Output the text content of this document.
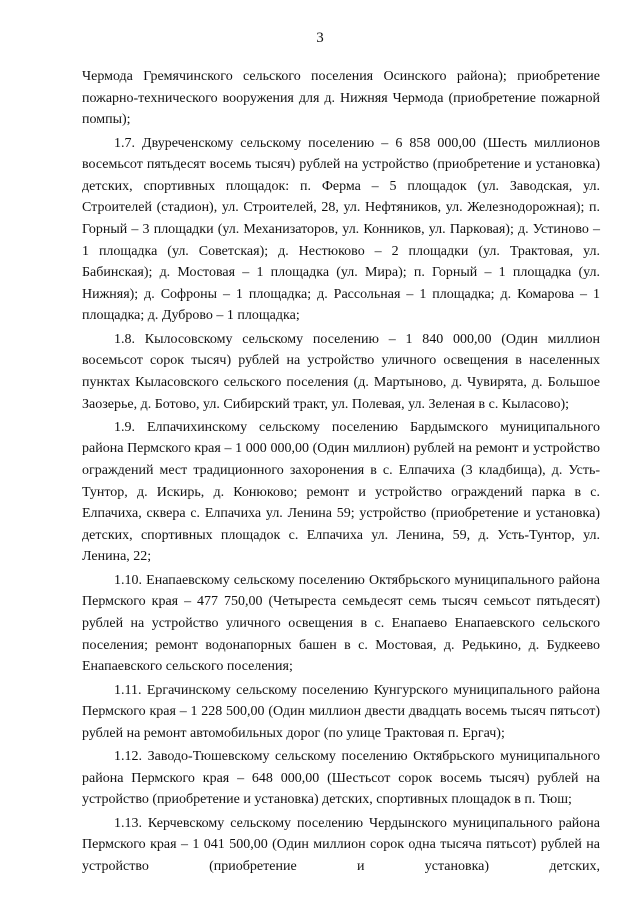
3

Чермода Гремячинского сельского поселения Осинского района); приобретение пожарно-технического вооружения для д. Нижняя Чермода (приобретение пожарной помпы);

1.7. Двуреченскому сельскому поселению – 6 858 000,00 (Шесть миллионов восемьсот пятьдесят восемь тысяч) рублей на устройство (приобретение и установка) детских, спортивных площадок: п. Ферма – 5 площадок (ул. Заводская, ул. Строителей (стадион), ул. Строителей, 28, ул. Нефтяников, ул. Железнодорожная); п. Горный – 3 площадки (ул. Механизаторов, ул. Конников, ул. Парковая); д. Устиново – 1 площадка (ул. Советская); д. Нестюково – 2 площадки (ул. Трактовая, ул. Бабинская); д. Мостовая – 1 площадка (ул. Мира); п. Горный – 1 площадка (ул. Нижняя); д. Софроны – 1 площадка; д. Рассольная – 1 площадка; д. Комарова – 1 площадка; д. Дуброво – 1 площадка;

1.8. Кылосовскому сельскому поселению – 1 840 000,00 (Один миллион восемьсот сорок тысяч) рублей на устройство уличного освещения в населенных пунктах Кыласовского сельского поселения (д. Мартыново, д. Чувирята, д. Большое Заозерье, д. Ботово, ул. Сибирский тракт, ул. Полевая, ул. Зеленая в с. Кыласово);

1.9. Елпачихинскому сельскому поселению Бардымского муниципального района Пермского края – 1 000 000,00 (Один миллион) рублей на ремонт и устройство ограждений мест традиционного захоронения в с. Елпачиха (3 кладбища), д. Усть-Тунтор, д. Искирь, д. Конюково; ремонт и устройство ограждений парка в с. Елпачиха, сквера с. Елпачиха ул. Ленина 59; устройство (приобретение и установка) детских, спортивных площадок с. Елпачиха ул. Ленина, 59, д. Усть-Тунтор, ул. Ленина, 22;

1.10. Енапаевскому сельскому поселению Октябрьского муниципального района Пермского края – 477 750,00 (Четыреста семьдесят семь тысяч семьсот пятьдесят) рублей на устройство уличного освещения в с. Енапаево Енапаевского сельского поселения; ремонт водонапорных башен в с. Мостовая, д. Редькино, д. Будкеево Енапаевского сельского поселения;

1.11. Ергачинскому сельскому поселению Кунгурского муниципального района Пермского края – 1 228 500,00 (Один миллион двести двадцать восемь тысяч пятьсот) рублей на ремонт автомобильных дорог (по улице Трактовая п. Ергач);

1.12. Заводо-Тюшевскому сельскому поселению Октябрьского муниципального района Пермского края – 648 000,00 (Шестьсот сорок восемь тысяч) рублей на устройство (приобретение и установка) детских, спортивных площадок в п. Тюш;

1.13. Керчевскому сельскому поселению Чердынского муниципального района Пермского края – 1 041 500,00 (Один миллион сорок одна тысяча пятьсот) рублей на устройство (приобретение и установка) детских,
